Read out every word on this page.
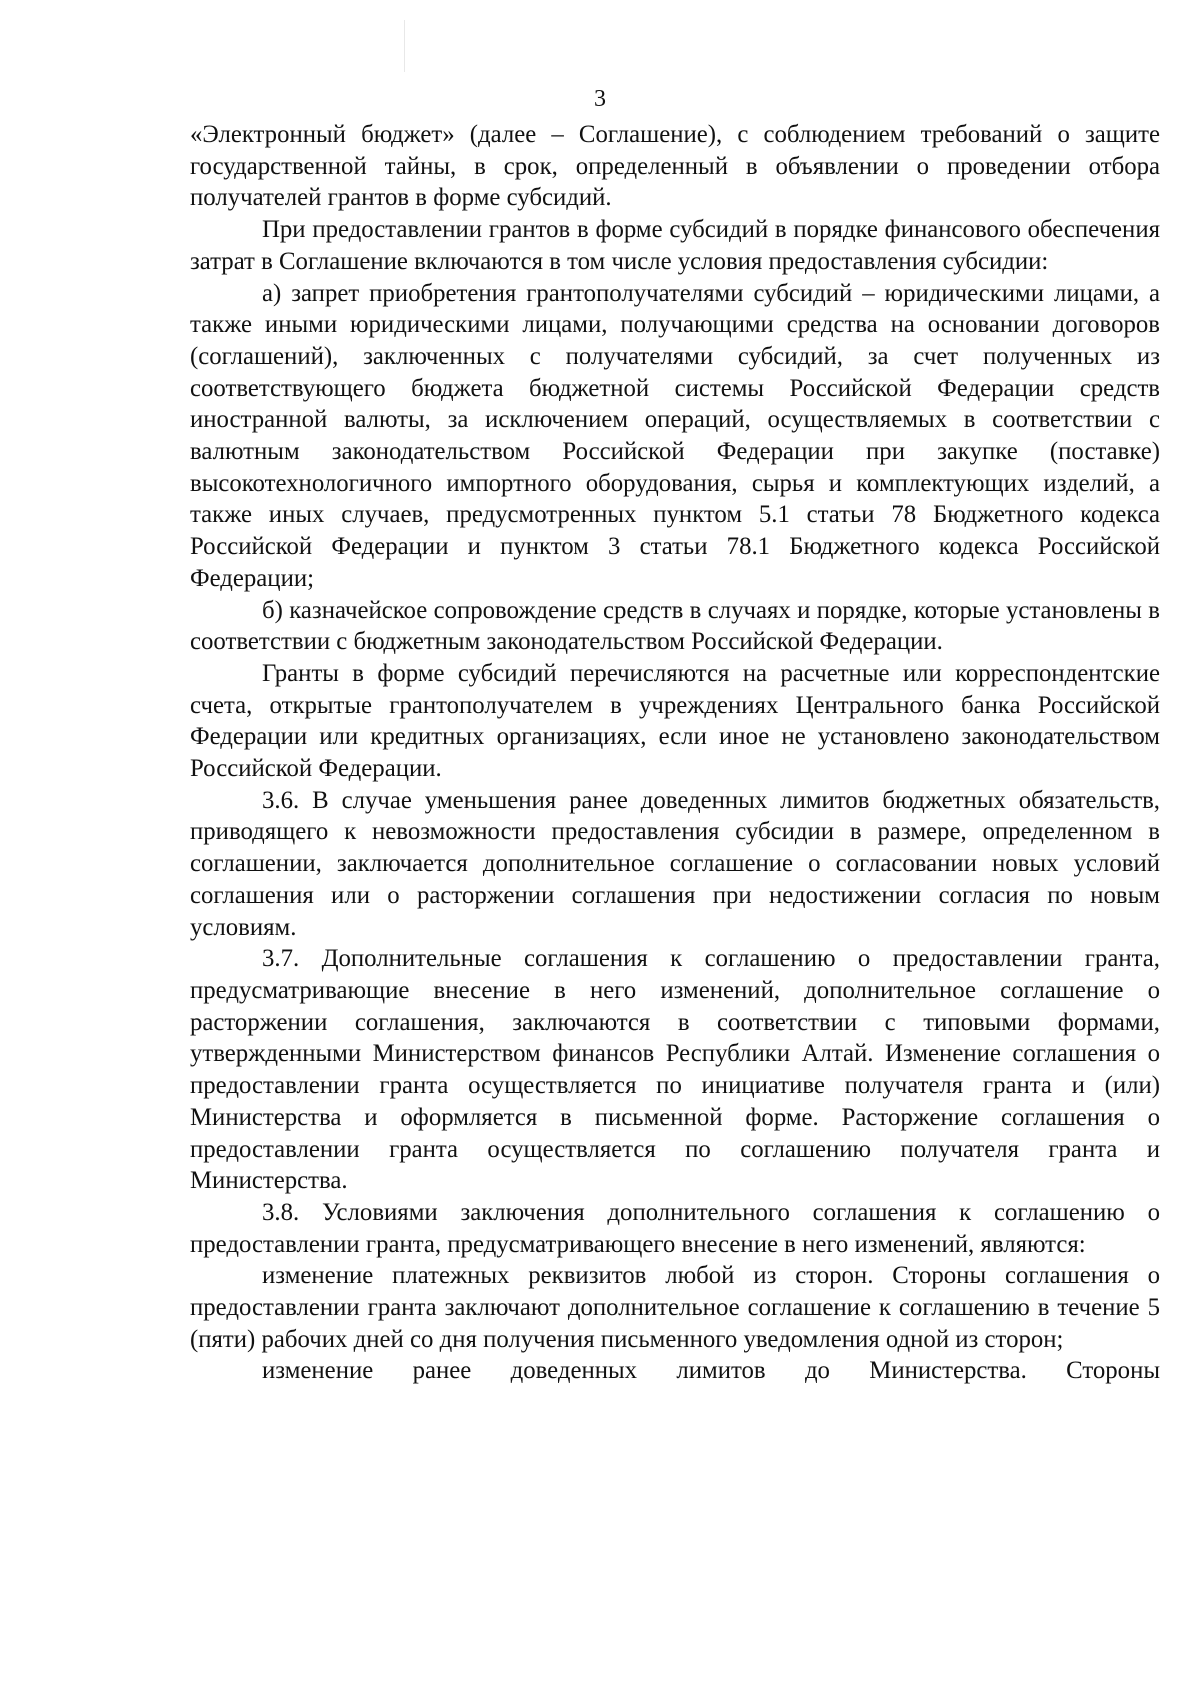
3

«Электронный бюджет» (далее – Соглашение), с соблюдением требований о защите государственной тайны, в срок, определенный в объявлении о проведении отбора получателей грантов в форме субсидий.

При предоставлении грантов в форме субсидий в порядке финансового обеспечения затрат в Соглашение включаются в том числе условия предоставления субсидии:

а) запрет приобретения грантополучателями субсидий – юридическими лицами, а также иными юридическими лицами, получающими средства на основании договоров (соглашений), заключенных с получателями субсидий, за счет полученных из соответствующего бюджета бюджетной системы Российской Федерации средств иностранной валюты, за исключением операций, осуществляемых в соответствии с валютным законодательством Российской Федерации при закупке (поставке) высокотехнологичного импортного оборудования, сырья и комплектующих изделий, а также иных случаев, предусмотренных пунктом 5.1 статьи 78 Бюджетного кодекса Российской Федерации и пунктом 3 статьи 78.1 Бюджетного кодекса Российской Федерации;

б) казначейское сопровождение средств в случаях и порядке, которые установлены в соответствии с бюджетным законодательством Российской Федерации.

Гранты в форме субсидий перечисляются на расчетные или корреспондентские счета, открытые грантополучателем в учреждениях Центрального банка Российской Федерации или кредитных организациях, если иное не установлено законодательством Российской Федерации.

3.6. В случае уменьшения ранее доведенных лимитов бюджетных обязательств, приводящего к невозможности предоставления субсидии в размере, определенном в соглашении, заключается дополнительное соглашение о согласовании новых условий соглашения или о расторжении соглашения при недостижении согласия по новым условиям.

3.7. Дополнительные соглашения к соглашению о предоставлении гранта, предусматривающие внесение в него изменений, дополнительное соглашение о расторжении соглашения, заключаются в соответствии с типовыми формами, утвержденными Министерством финансов Республики Алтай. Изменение соглашения о предоставлении гранта осуществляется по инициативе получателя гранта и (или) Министерства и оформляется в письменной форме. Расторжение соглашения о предоставлении гранта осуществляется по соглашению получателя гранта и Министерства.

3.8. Условиями заключения дополнительного соглашения к соглашению о предоставлении гранта, предусматривающего внесение в него изменений, являются:

изменение платежных реквизитов любой из сторон. Стороны соглашения о предоставлении гранта заключают дополнительное соглашение к соглашению в течение 5 (пяти) рабочих дней со дня получения письменного уведомления одной из сторон;

изменение ранее доведенных лимитов до Министерства. Стороны
